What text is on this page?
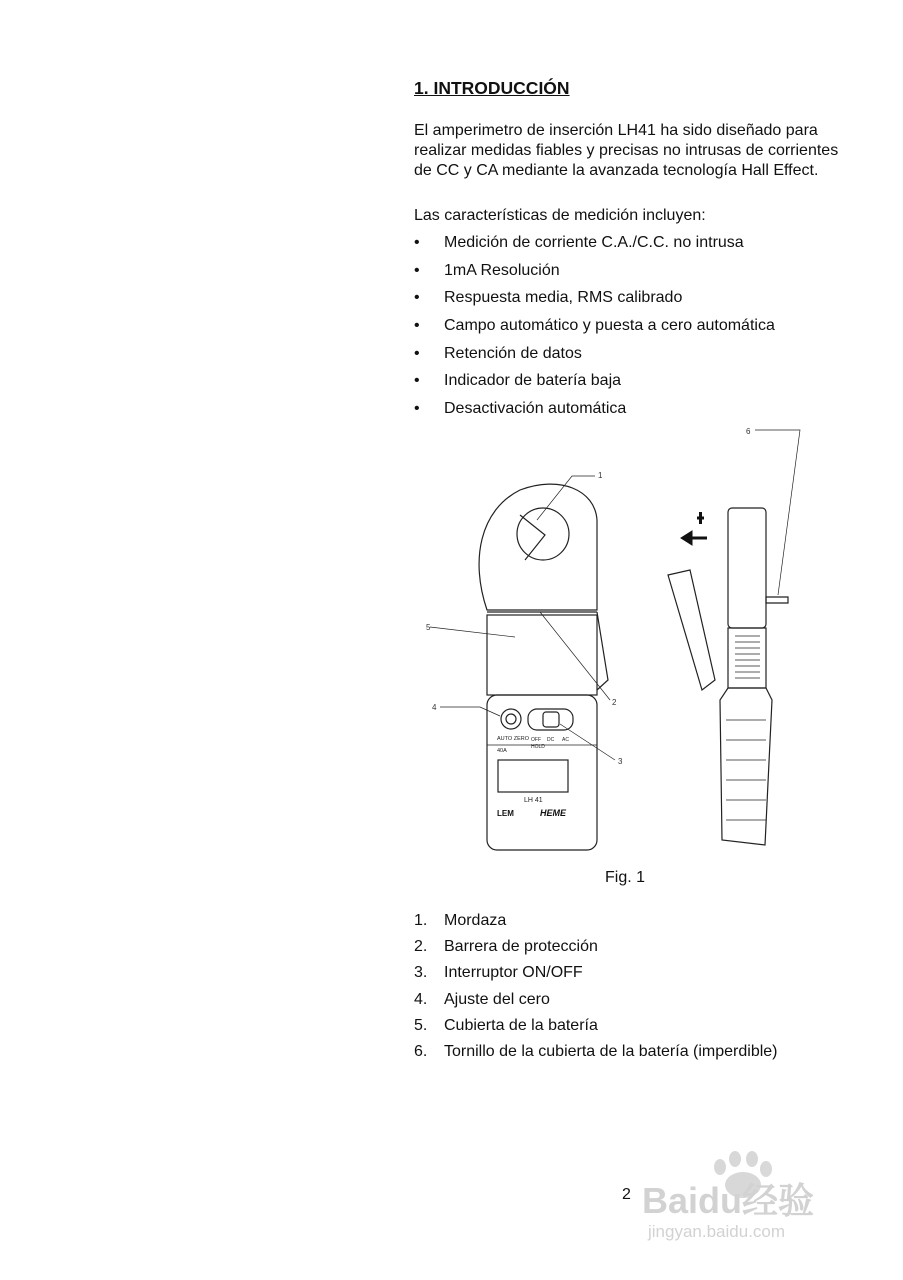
1. INTRODUCCIÓN

El amperimetro de inserción LH41 ha sido diseñado para realizar medidas fiables y precisas no intrusas de corrientes de CC y CA mediante la avanzada tecnología Hall Effect.

Las características de medición incluyen:

• Medición de corriente C.A./C.C. no intrusa
• 1mA Resolución
• Respuesta media, RMS calibrado
• Campo automático y puesta a cero automática
• Retención de datos
• Indicador de batería baja
• Desactivación automática
1
2
3
4
5
6
AUTO ZERO
40A
OFF
HOLD
DC AC
LH 41
LEM	HEME

Fig. 1

1. Mordaza
2. Barrera de protección
3. Interruptor ON/OFF
4. Ajuste del cero
5. Cubierta de la batería
6. Tornillo de la cubierta de la batería (imperdible)

2 Baidu经验
jingyan.baidu.com
